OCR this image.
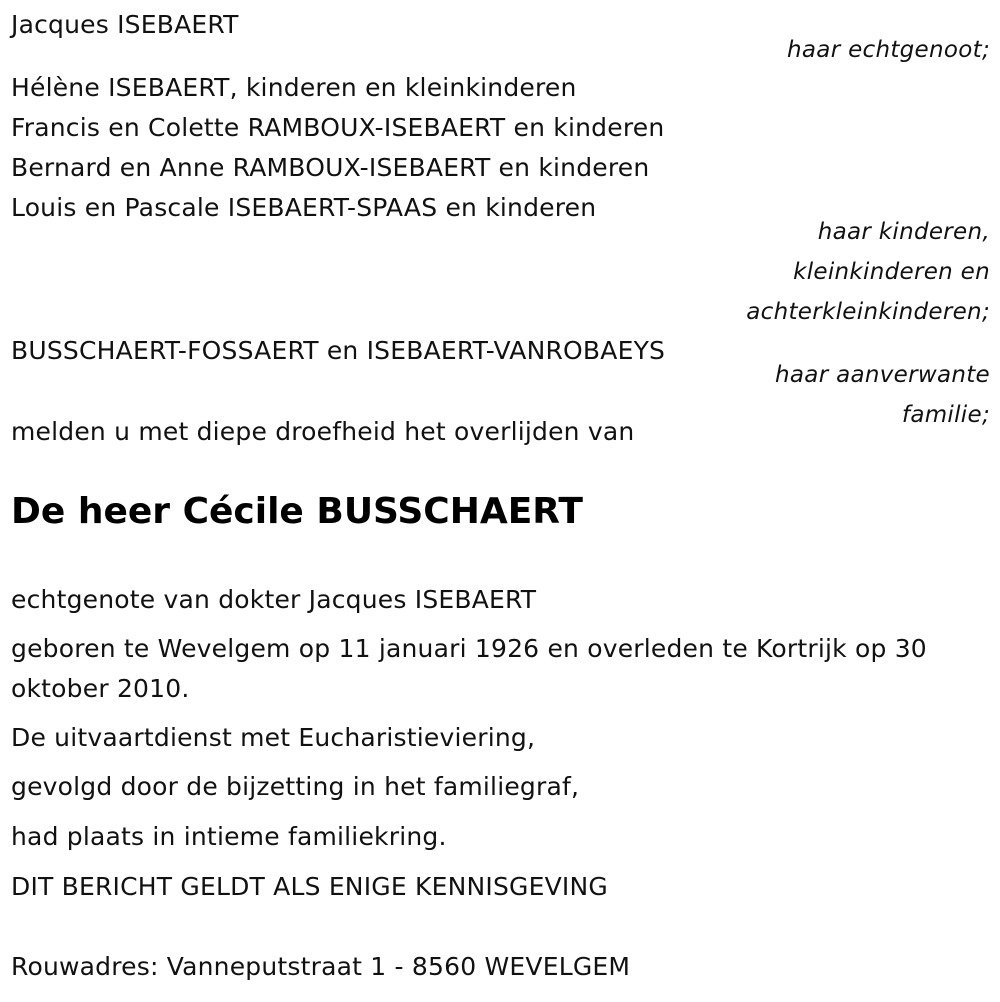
Jacques ISEBAERT
haar echtgenoot;
Hélène ISEBAERT, kinderen en kleinkinderen
Francis en Colette RAMBOUX-ISEBAERT en kinderen
Bernard en Anne RAMBOUX-ISEBAERT en kinderen
Louis en Pascale ISEBAERT-SPAAS en kinderen
haar kinderen,
kleinkinderen en
achterkleinkinderen;
BUSSCHAERT-FOSSAERT en ISEBAERT-VANROBAEYS
haar aanverwante
familie;
melden u met diepe droefheid het overlijden van
De heer Cécile BUSSCHAERT
echtgenote van dokter Jacques ISEBAERT
geboren te Wevelgem op 11 januari 1926 en overleden te Kortrijk op 30 oktober 2010.
De uitvaartdienst met Eucharistieviering,
gevolgd door de bijzetting in het familiegraf,
had plaats in intieme familiekring.
DIT BERICHT GELDT ALS ENIGE KENNISGEVING
Rouwadres: Vanneputstraat 1 - 8560 WEVELGEM
